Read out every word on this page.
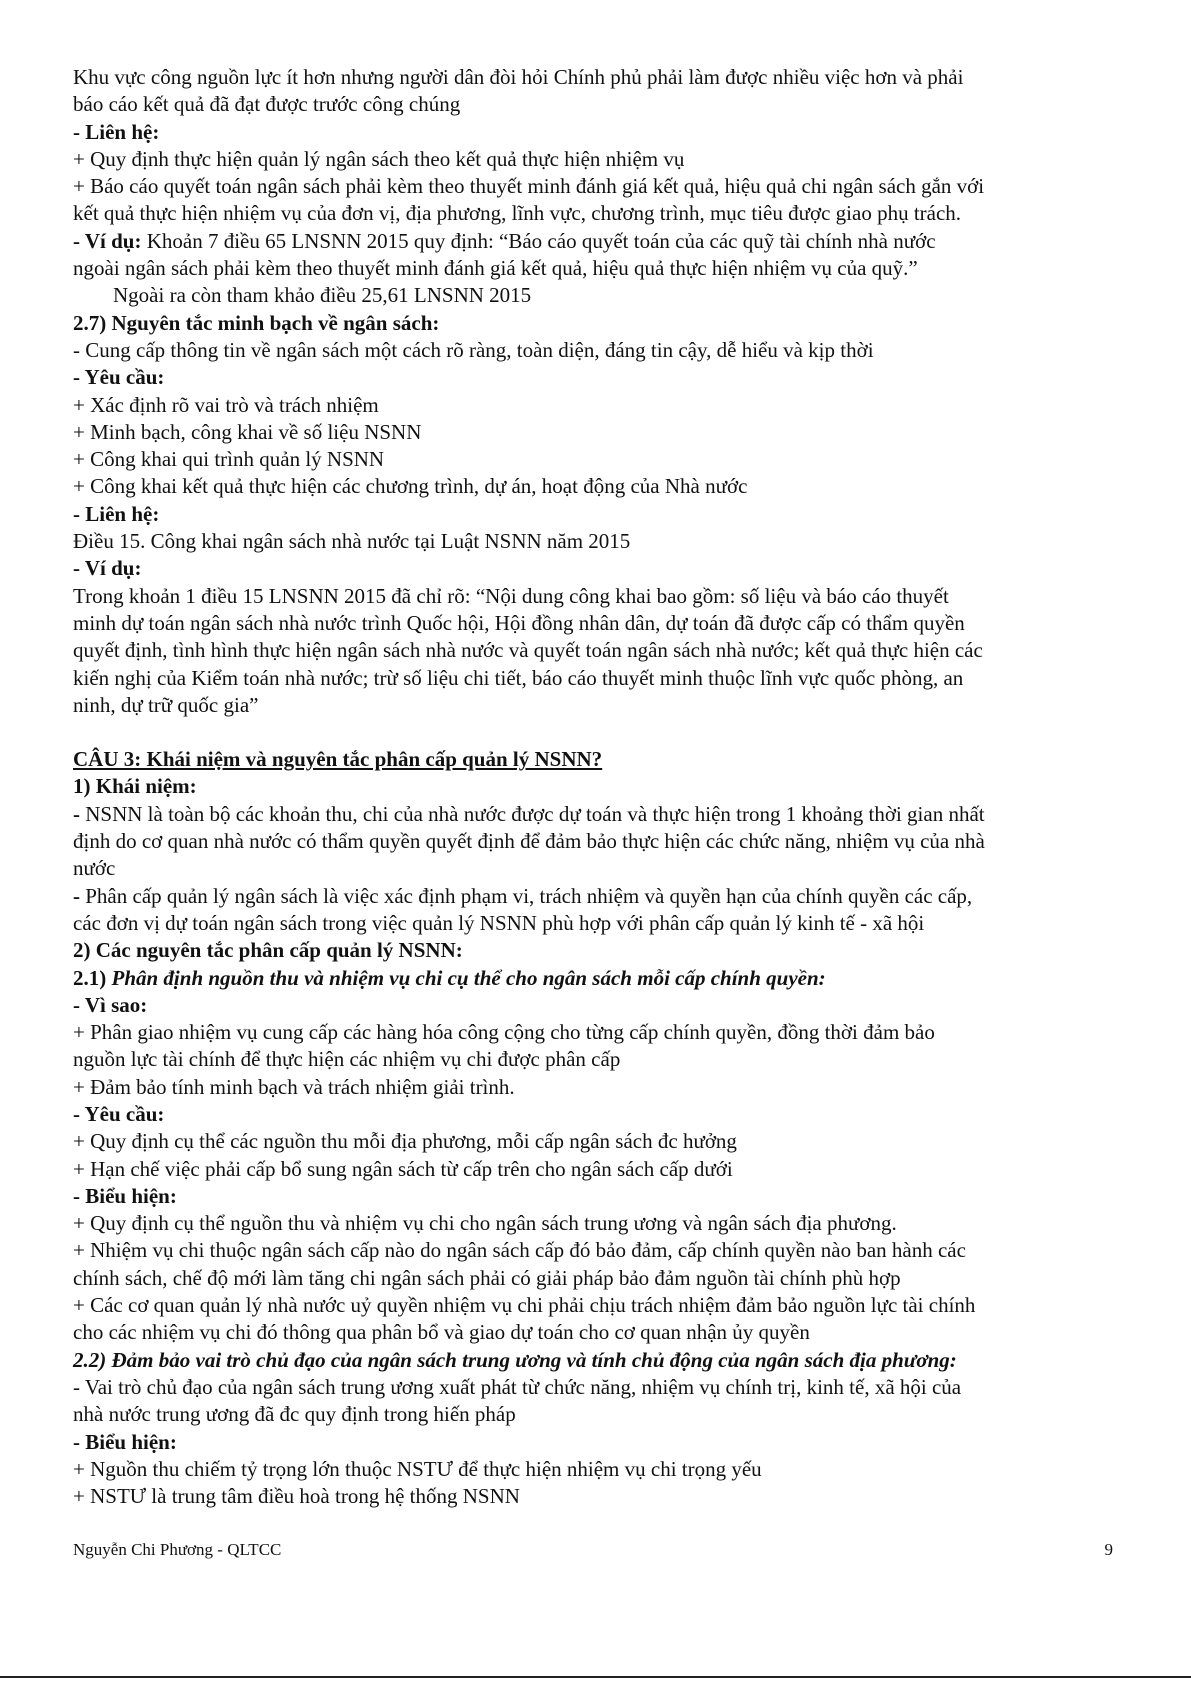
Khu vực công nguồn lực ít hơn nhưng người dân đòi hỏi Chính phủ phải làm được nhiều việc hơn và phải
báo cáo kết quả đã đạt được trước công chúng
- Liên hệ:
+ Quy định thực hiện quản lý ngân sách theo kết quả thực hiện nhiệm vụ
+ Báo cáo quyết toán ngân sách phải kèm theo thuyết minh đánh giá kết quả, hiệu quả chi ngân sách gắn với
kết quả thực hiện nhiệm vụ của đơn vị, địa phương, lĩnh vực, chương trình, mục tiêu được giao phụ trách.
- Ví dụ: Khoản 7 điều 65 LNSNN 2015 quy định: “Báo cáo quyết toán của các quỹ tài chính nhà nước
ngoài ngân sách phải kèm theo thuyết minh đánh giá kết quả, hiệu quả thực hiện nhiệm vụ của quỹ.”
Ngoài ra còn tham khảo điều 25,61 LNSNN 2015
2.7) Nguyên tắc minh bạch về ngân sách:
- Cung cấp thông tin về ngân sách một cách rõ ràng, toàn diện, đáng tin cậy, dễ hiểu và kịp thời
- Yêu cầu:
+ Xác định rõ vai trò và trách nhiệm
+ Minh bạch, công khai về số liệu NSNN
+ Công khai qui trình quản lý NSNN
+ Công khai kết quả thực hiện các chương trình, dự án, hoạt động của Nhà nước
- Liên hệ:
Điều 15. Công khai ngân sách nhà nước tại Luật NSNN năm 2015
- Ví dụ:
Trong khoản 1 điều 15 LNSNN 2015 đã chỉ rõ: “Nội dung công khai bao gồm: số liệu và báo cáo thuyết
minh dự toán ngân sách nhà nước trình Quốc hội, Hội đồng nhân dân, dự toán đã được cấp có thẩm quyền
quyết định, tình hình thực hiện ngân sách nhà nước và quyết toán ngân sách nhà nước; kết quả thực hiện các
kiến nghị của Kiểm toán nhà nước; trừ số liệu chi tiết, báo cáo thuyết minh thuộc lĩnh vực quốc phòng, an
ninh, dự trữ quốc gia”
CÂU 3: Khái niệm và nguyên tắc phân cấp quản lý NSNN?
1) Khái niệm:
- NSNN là toàn bộ các khoản thu, chi của nhà nước được dự toán và thực hiện trong 1 khoảng thời gian nhất
định do cơ quan nhà nước có thẩm quyền quyết định để đảm bảo thực hiện các chức năng, nhiệm vụ của nhà
nước
- Phân cấp quản lý ngân sách là việc xác định phạm vi, trách nhiệm và quyền hạn của chính quyền các cấp,
các đơn vị dự toán ngân sách trong việc quản lý NSNN phù hợp với phân cấp quản lý kinh tế - xã hội
2) Các nguyên tắc phân cấp quản lý NSNN:
2.1) Phân định nguồn thu và nhiệm vụ chi cụ thể cho ngân sách mỗi cấp chính quyền:
- Vì sao:
+ Phân giao nhiệm vụ cung cấp các hàng hóa công cộng cho từng cấp chính quyền, đồng thời đảm bảo
nguồn lực tài chính để thực hiện các nhiệm vụ chi được phân cấp
+ Đảm bảo tính minh bạch và trách nhiệm giải trình.
- Yêu cầu:
+ Quy định cụ thể các nguồn thu mỗi địa phương, mỗi cấp ngân sách đc hưởng
+ Hạn chế việc phải cấp bổ sung ngân sách từ cấp trên cho ngân sách cấp dưới
- Biểu hiện:
+ Quy định cụ thể nguồn thu và nhiệm vụ chi cho ngân sách trung ương và ngân sách địa phương.
+ Nhiệm vụ chi thuộc ngân sách cấp nào do ngân sách cấp đó bảo đảm, cấp chính quyền nào ban hành các
chính sách, chế độ mới làm tăng chi ngân sách phải có giải pháp bảo đảm nguồn tài chính phù hợp
+ Các cơ quan quản lý nhà nước uỷ quyền nhiệm vụ chi phải chịu trách nhiệm đảm bảo nguồn lực tài chính
cho các nhiệm vụ chi đó thông qua phân bổ và giao dự toán cho cơ quan nhận ủy quyền
2.2) Đảm bảo vai trò chủ đạo của ngân sách trung ương và tính chủ động của ngân sách địa phương:
- Vai trò chủ đạo của ngân sách trung ương xuất phát từ chức năng, nhiệm vụ chính trị, kinh tế, xã hội của
nhà nước trung ương đã đc quy định trong hiến pháp
- Biểu hiện:
+ Nguồn thu chiếm tỷ trọng lớn thuộc NSTƯ để thực hiện nhiệm vụ chi trọng yếu
+ NSTƯ là trung tâm điều hoà trong hệ thống NSNN
Nguyễn Chi Phương - QLTCC	9
